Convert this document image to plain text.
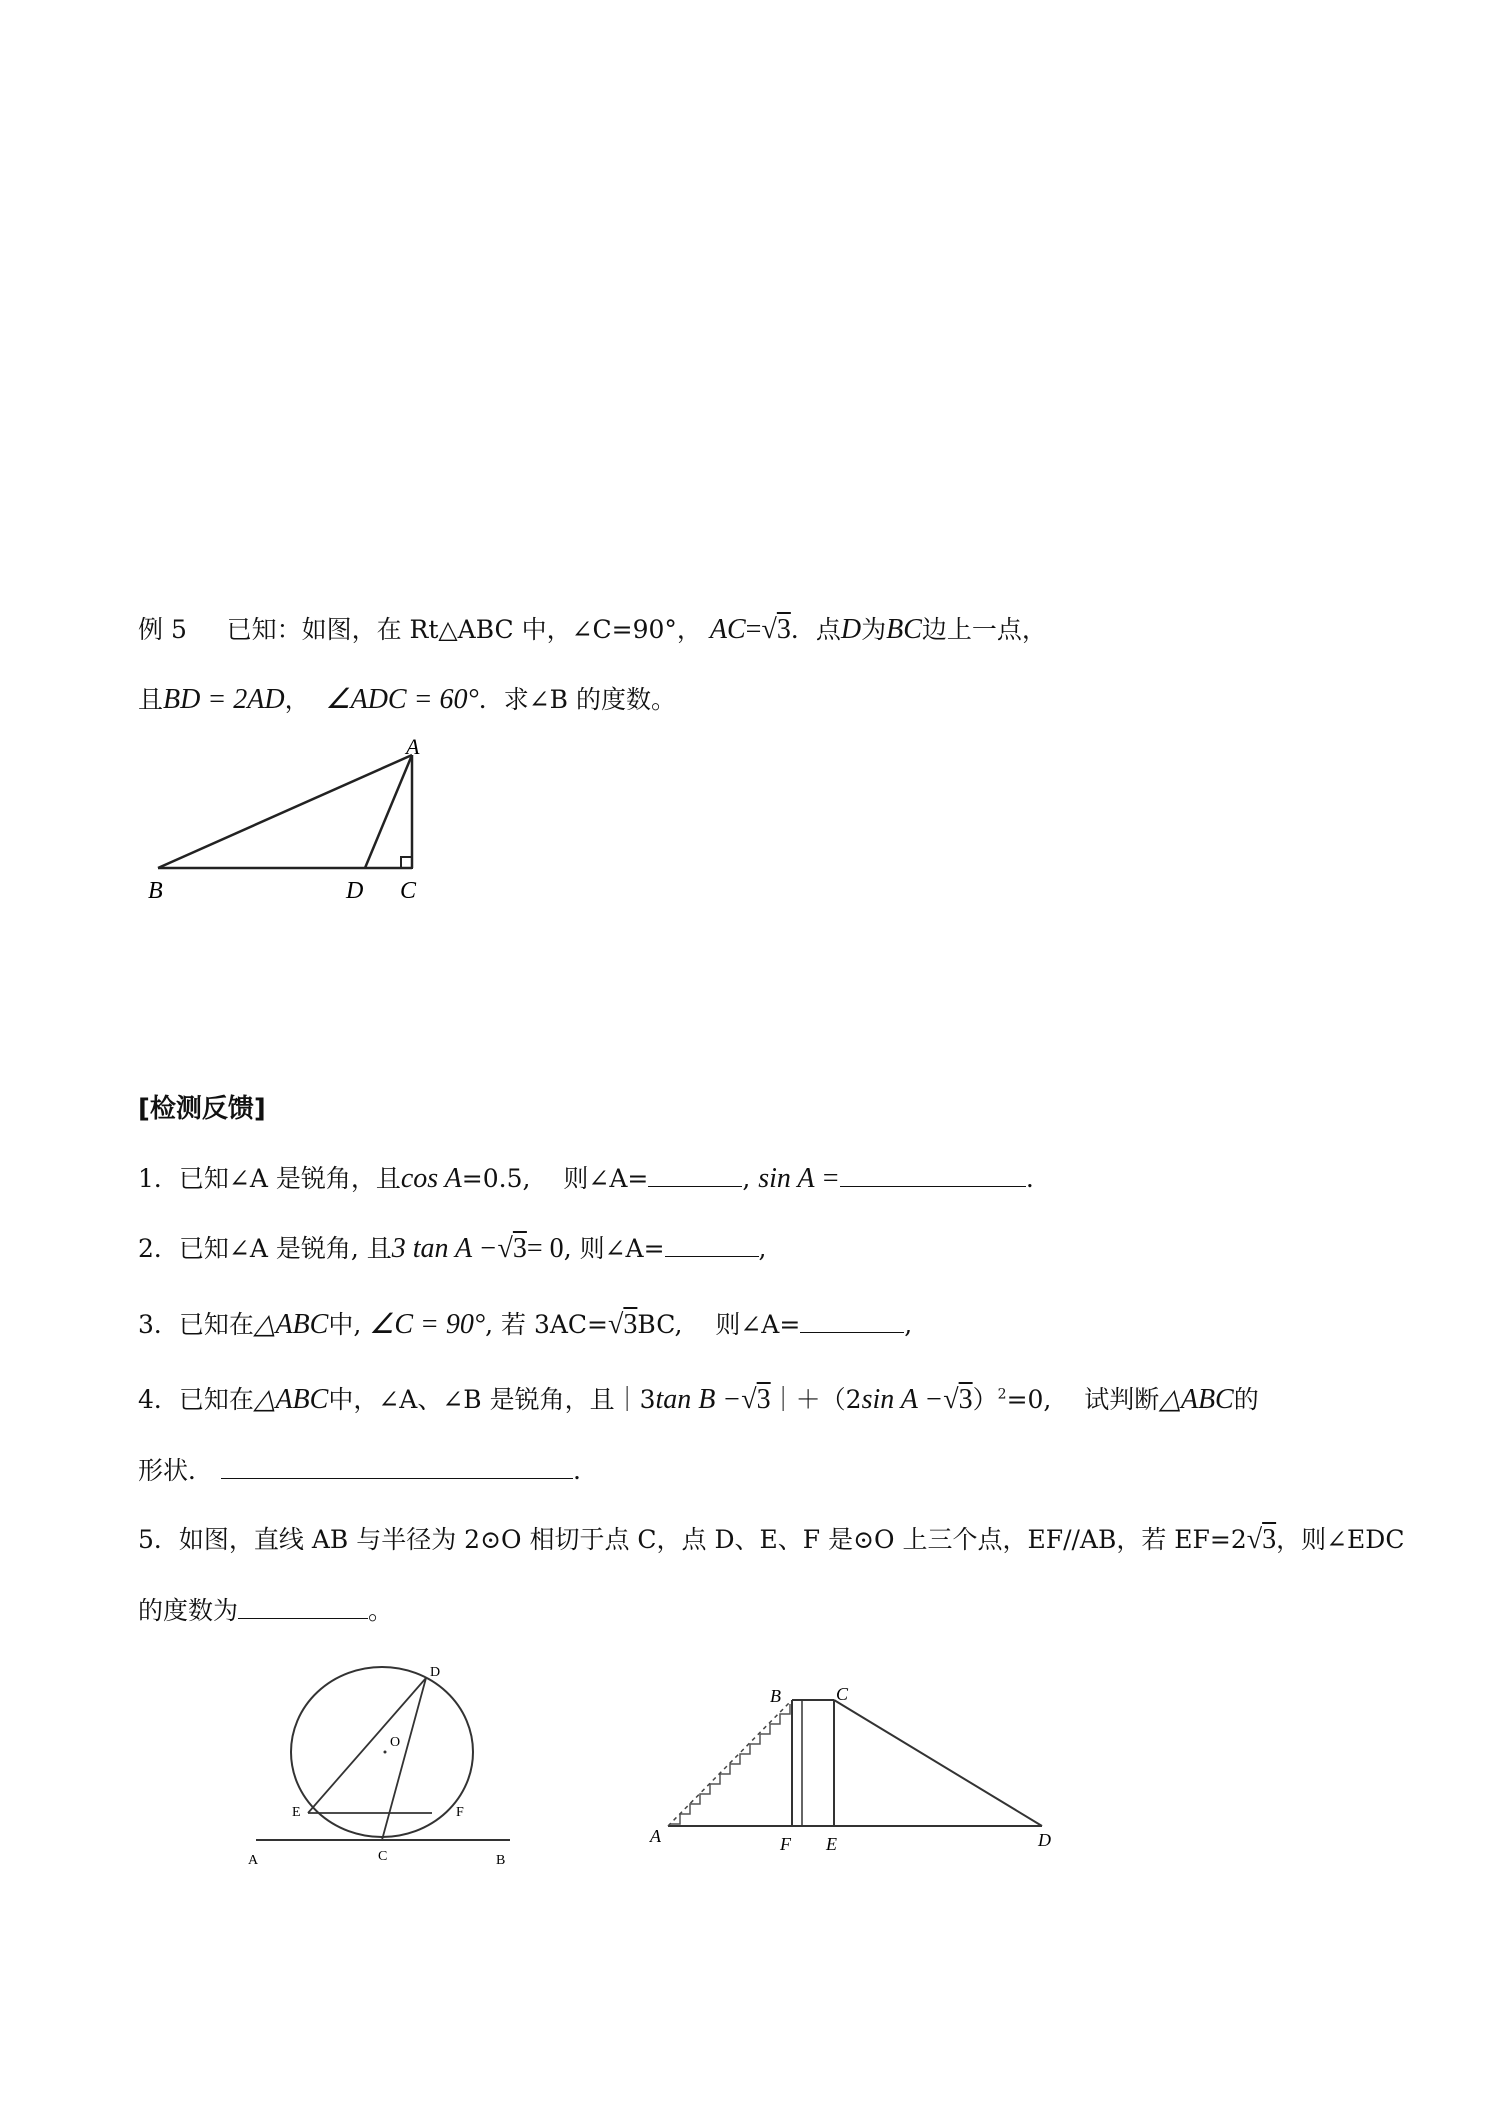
例 5 已知：如图，在 Rt△ABC 中，∠C=90°， AC=√3．点D为BC边上一点，
且BD = 2AD， ∠ADC = 60°．求∠B 的度数。
A
B	D C
[检测反馈]
1．已知∠A 是锐角，且cos A=0.5,　 则∠A=	, sin A =	.
2．已知∠A 是锐角, 且3 tan A −√3= 0, 则∠A=	,
3．已知在△ABC中, ∠C = 90°, 若 3AC=√3BC,　 则∠A=	,
4．已知在△ABC中，∠A、∠B 是锐角，且｜3tan B −√3｜＋（2sin A −√3）$^2$=0,　 试判断△ABC的
形状．	.
5．如图，直线 AB 与半径为 2⊙O 相切于点 C，点 D、E、F 是⊙O 上三个点，EF//AB，若 EF=2√3，则∠EDC
的度数为	。
D
O
E	F
A	C	B
B	C
A	F E	D
